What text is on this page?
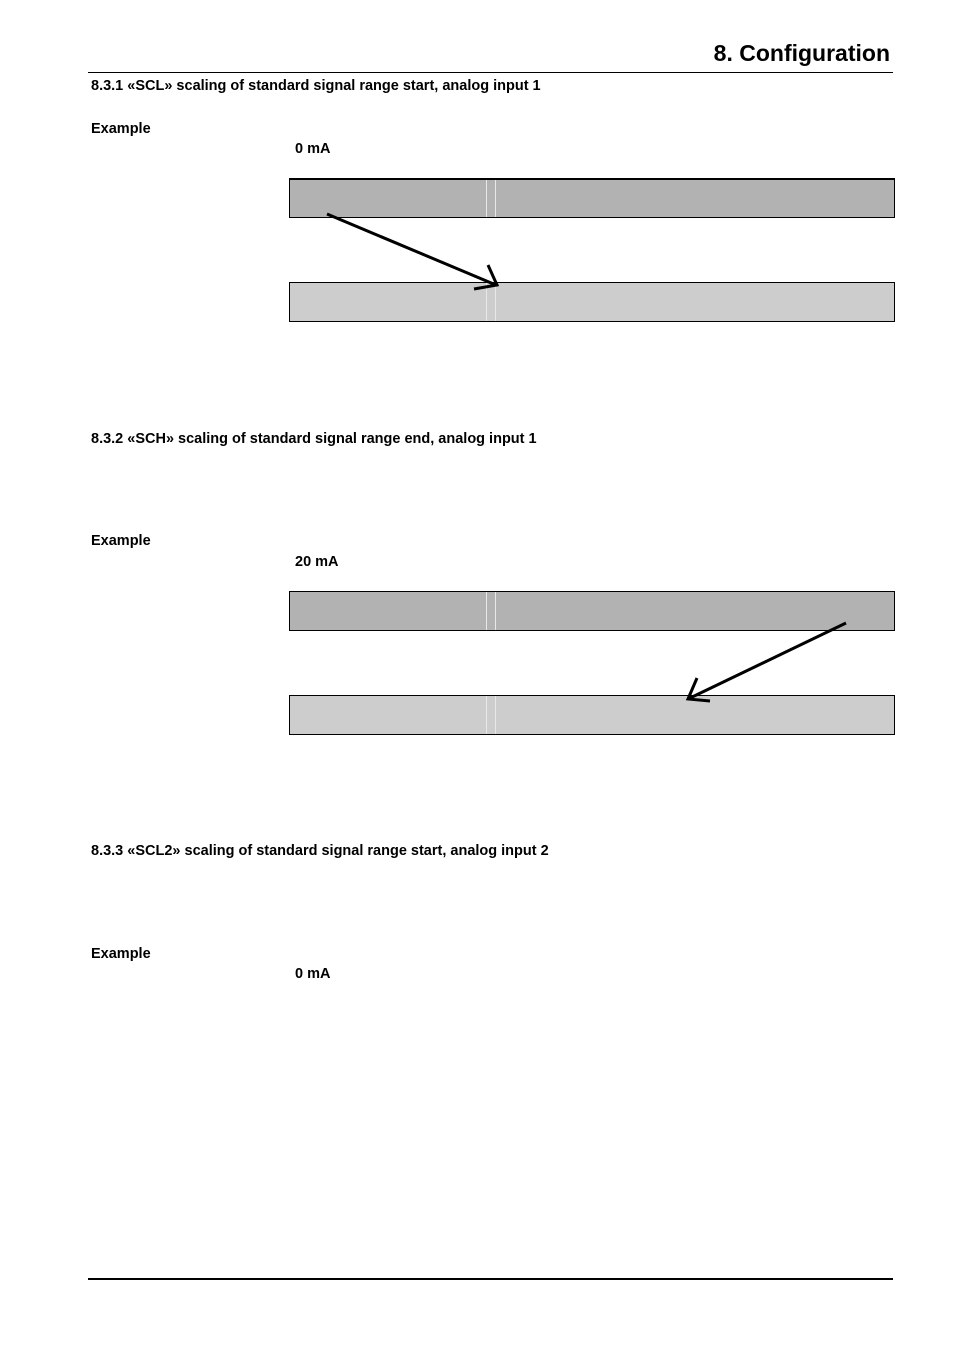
8. Configuration
8.3.1 «SCL» scaling of standard signal range start, analog input 1
Example
0 mA
8.3.2 «SCH» scaling of standard signal range end, analog input 1
Example
20 mA
8.3.3 «SCL2» scaling of standard signal range start, analog input 2
Example
0 mA
